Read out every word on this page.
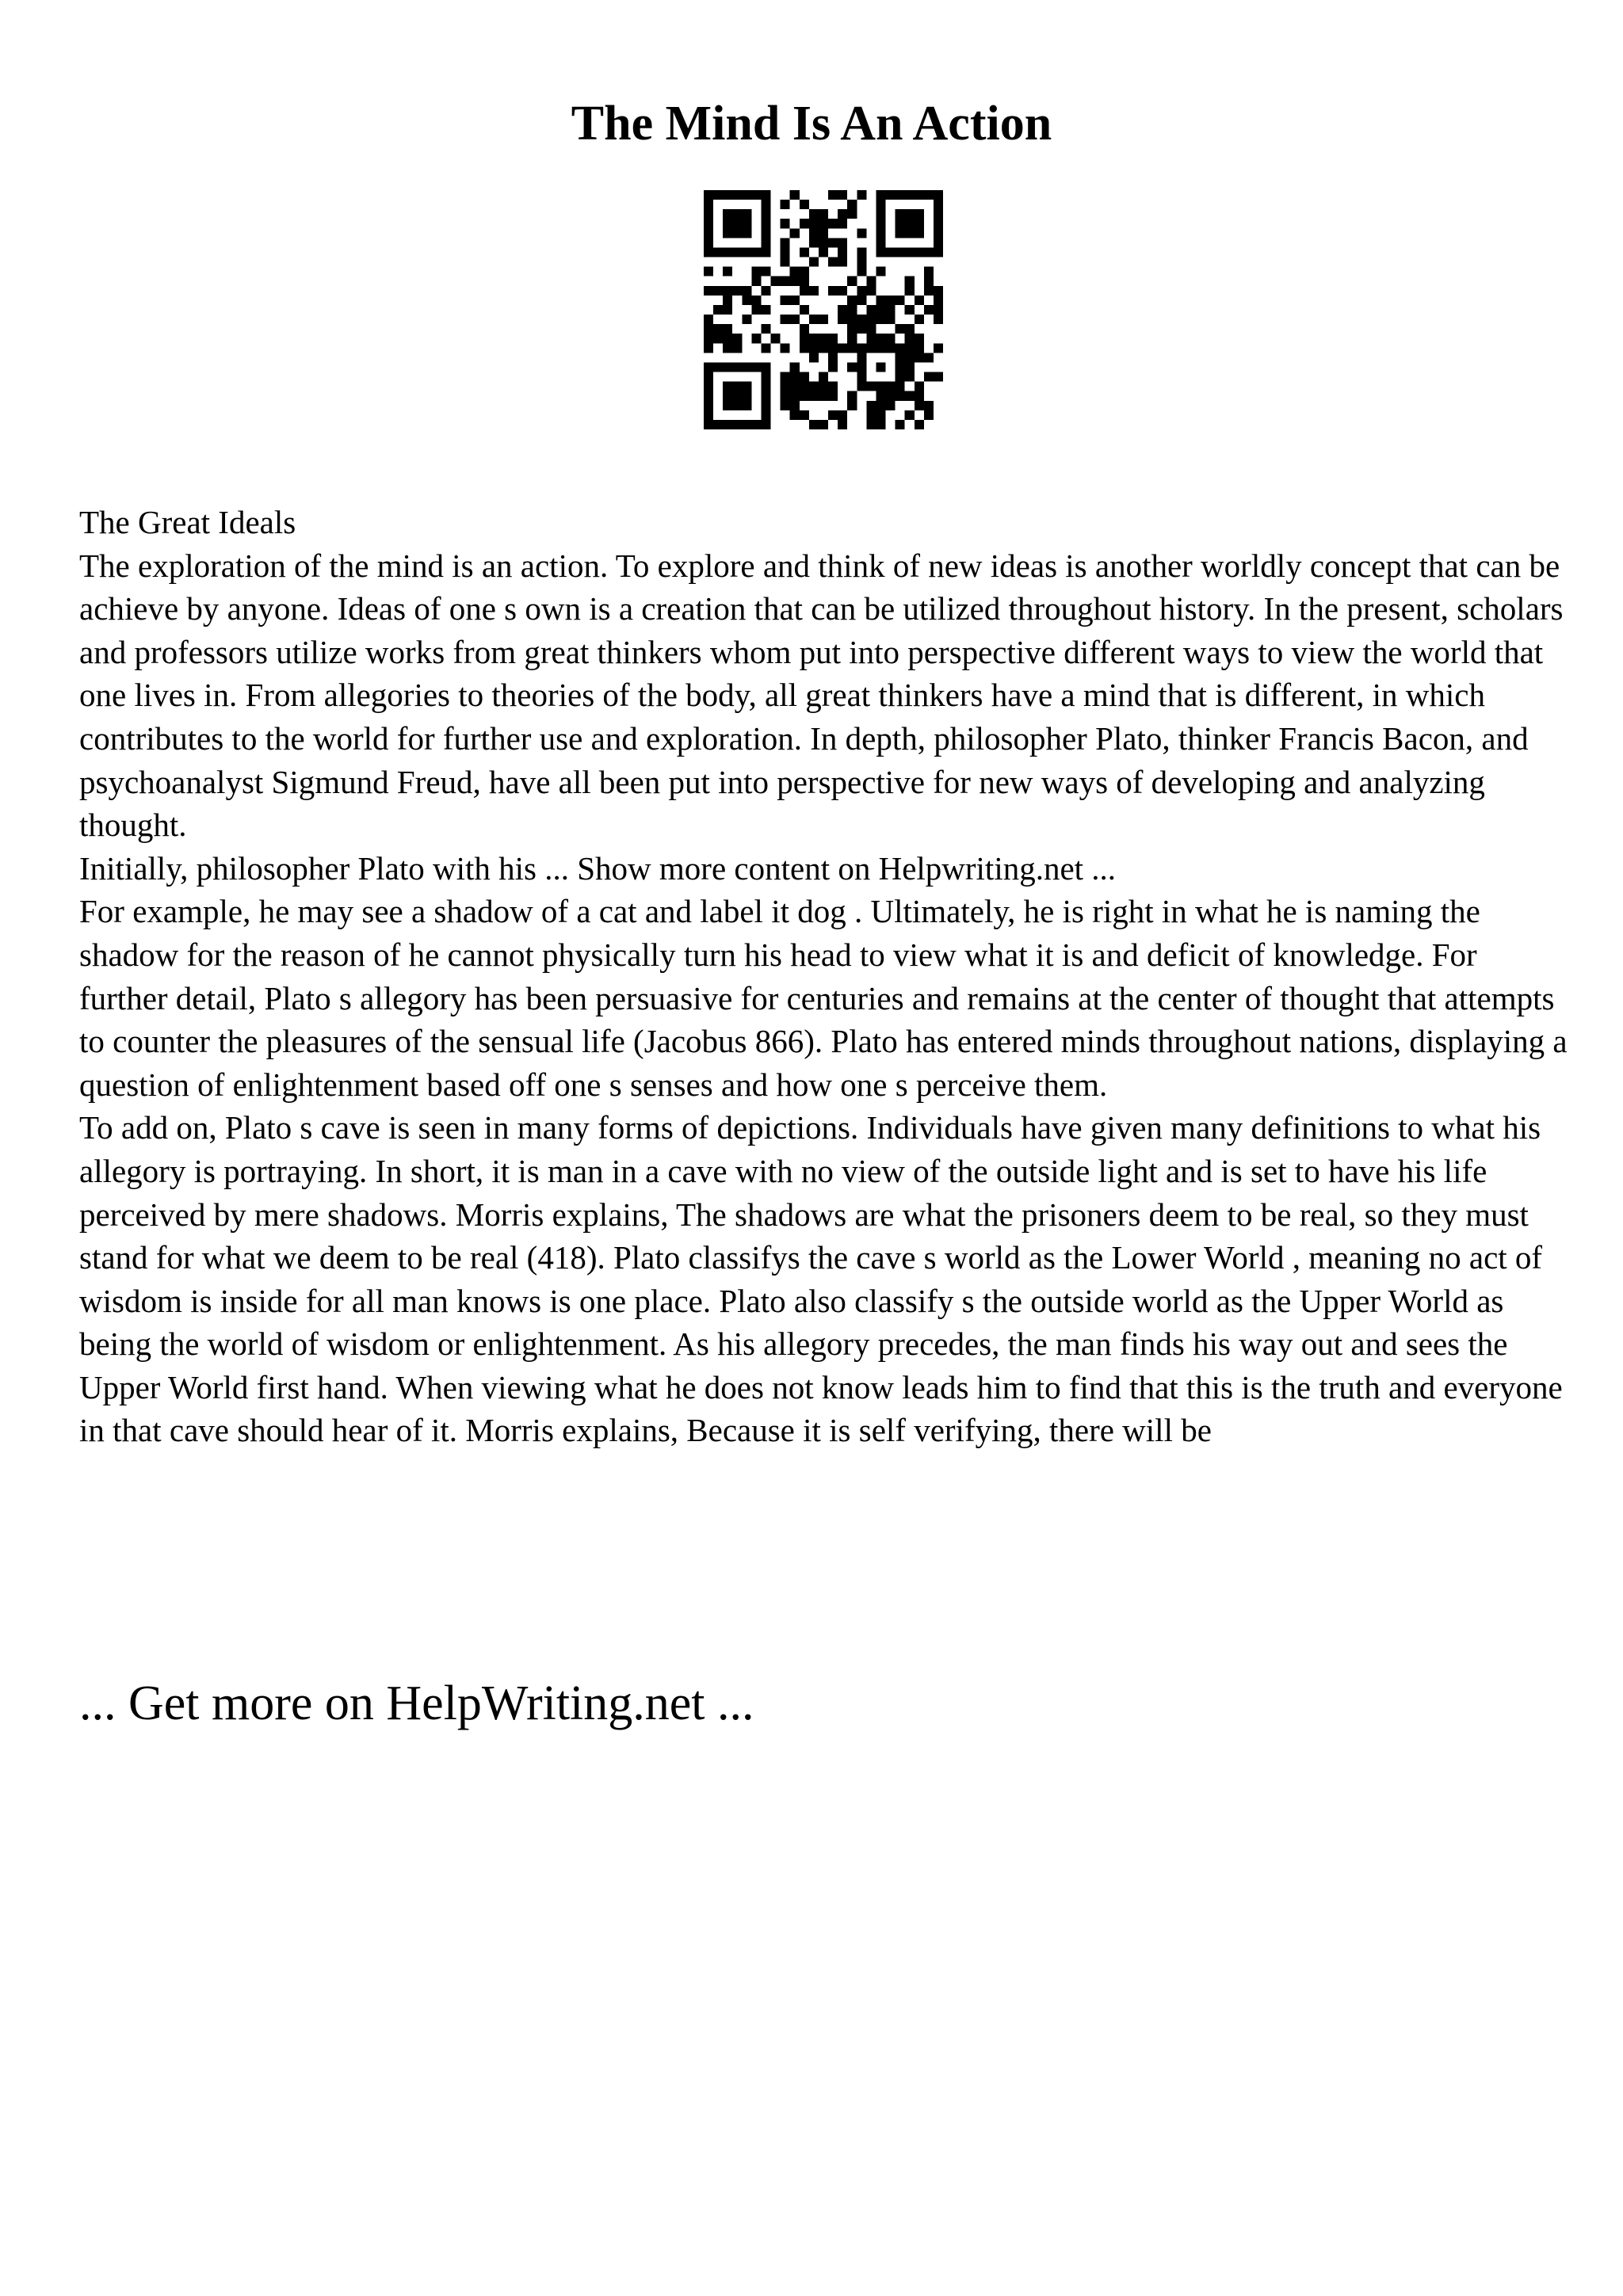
The Mind Is An Action

The Great Ideals

The exploration of the mind is an action. To explore and think of new ideas is another worldly concept that can be achieve by anyone. Ideas of one s own is a creation that can be utilized throughout history. In the present, scholars and professors utilize works from great thinkers whom put into perspective different ways to view the world that one lives in. From allegories to theories of the body, all great thinkers have a mind that is different, in which contributes to the world for further use and exploration. In depth, philosopher Plato, thinker Francis Bacon, and psychoanalyst Sigmund Freud, have all been put into perspective for new ways of developing and analyzing thought.

Initially, philosopher Plato with his ... Show more content on Helpwriting.net ...

For example, he may see a shadow of a cat and label it dog . Ultimately, he is right in what he is naming the shadow for the reason of he cannot physically turn his head to view what it is and deficit of knowledge. For further detail, Plato s allegory has been persuasive for centuries and remains at the center of thought that attempts to counter the pleasures of the sensual life (Jacobus 866). Plato has entered minds throughout nations, displaying a question of enlightenment based off one s senses and how one s perceive them.

To add on, Plato s cave is seen in many forms of depictions. Individuals have given many definitions to what his allegory is portraying. In short, it is man in a cave with no view of the outside light and is set to have his life perceived by mere shadows. Morris explains, The shadows are what the prisoners deem to be real, so they must stand for what we deem to be real (418). Plato classifys the cave s world as the Lower World , meaning no act of wisdom is inside for all man knows is one place. Plato also classify s the outside world as the Upper World as being the world of wisdom or enlightenment. As his allegory precedes, the man finds his way out and sees the Upper World first hand. When viewing what he does not know leads him to find that this is the truth and everyone in that cave should hear of it. Morris explains, Because it is self verifying, there will be

... Get more on HelpWriting.net ...
